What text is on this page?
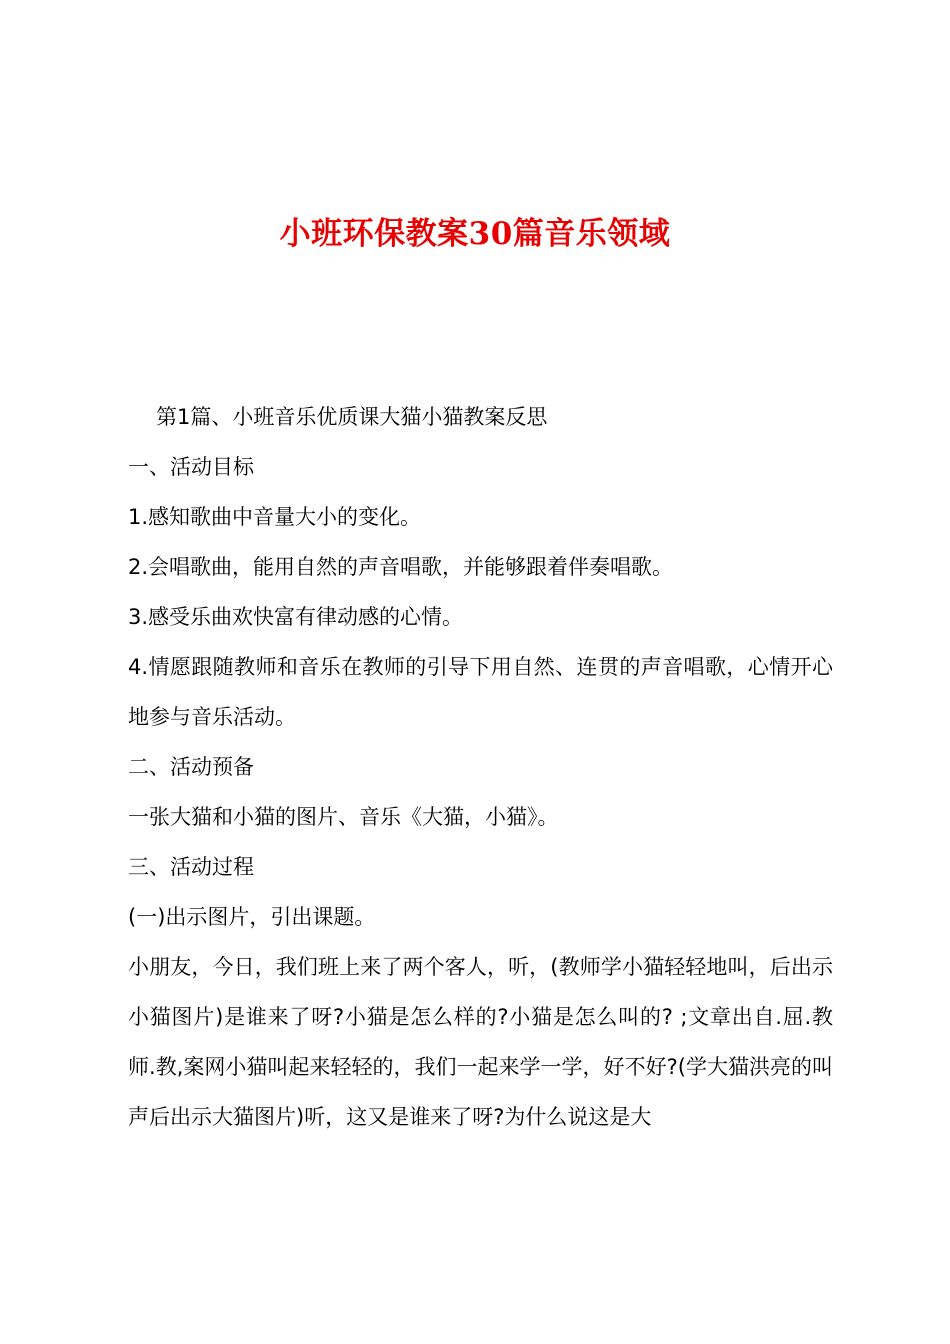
小班环保教案30篇音乐领域

第1篇、小班音乐优质课大猫小猫教案反思

一、活动目标

1.感知歌曲中音量大小的变化。

2.会唱歌曲，能用自然的声音唱歌，并能够跟着伴奏唱歌。

3.感受乐曲欢快富有律动感的心情。

4.情愿跟随教师和音乐在教师的引导下用自然、连贯的声音唱歌，心情开心地参与音乐活动。

二、活动预备

一张大猫和小猫的图片、音乐《大猫，小猫》。

三、活动过程

(一)出示图片，引出课题。

小朋友，今日，我们班上来了两个客人，听，(教师学小猫轻轻地叫，后出示小猫图片)是谁来了呀?小猫是怎么样的?小猫是怎么叫的? ;文章出自.屈.教师.教,案网小猫叫起来轻轻的，我们一起来学一学，好不好?(学大猫洪亮的叫声后出示大猫图片)听，这又是谁来了呀?为什么说这是大
